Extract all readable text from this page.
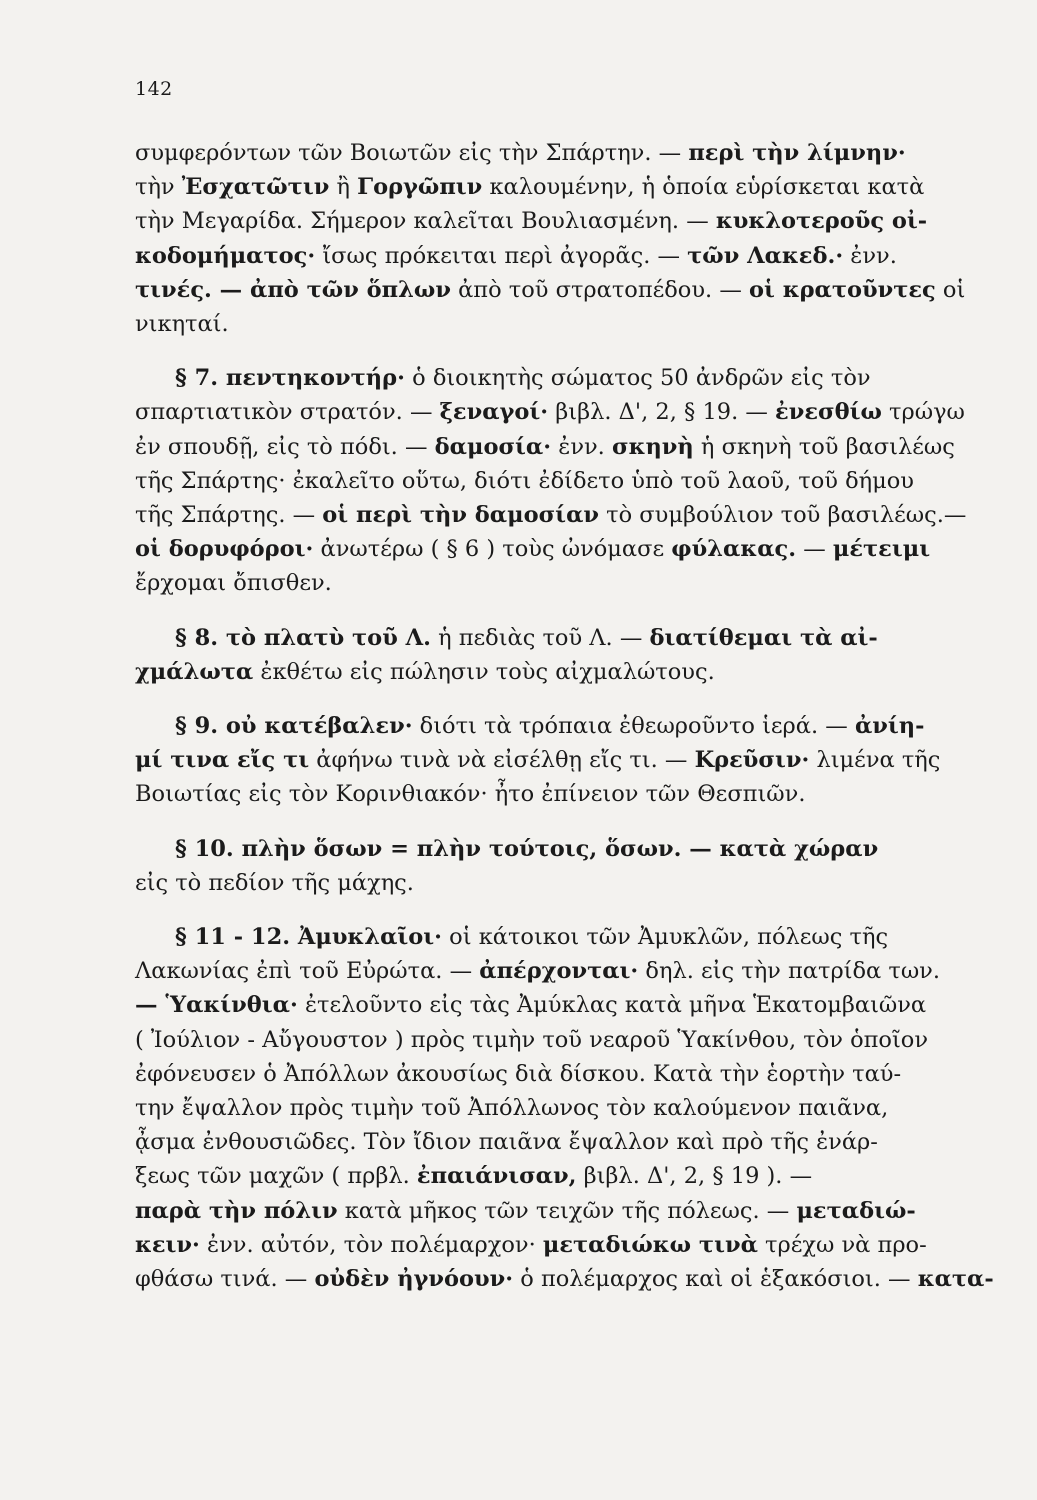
142
συμφερόντων τῶν Βοιωτῶν εἰς τὴν Σπάρτην. — περὶ τὴν λίμνην·
τὴν Ἐσχατῶτιν ἢ Γοργῶπιν καλουμένην, ἡ ὁποία εὑρίσκεται κατὰ
τὴν Μεγαρίδα. Σήμερον καλεῖται Βουλιασμένη. — κυκλοτεροῦς οἰ-
κοδομήματος· ἴσως πρόκειται περὶ ἀγορᾶς. — τῶν Λακεδ.· ἐνν.
τινές. — ἀπὸ τῶν ὅπλων ἀπὸ τοῦ στρατοπέδου. — οἱ κρατοῦντες οἱ
νικηταί.
§ 7. πεντηκοντήρ· ὁ διοικητὴς σώματος 50 ἀνδρῶν εἰς τὸν
σπαρτιατικὸν στρατόν. — ξεναγοί· βιβλ. Δ', 2, § 19. — ἐνεσθίω τρώγω
ἐν σπουδῇ, εἰς τὸ πόδι. — δαμοσία· ἐνν. σκηνὴ ἡ σκηνὴ τοῦ βασιλέως
τῆς Σπάρτης· ἐκαλεῖτο οὕτω, διότι ἐδίδετο ὑπὸ τοῦ λαοῦ, τοῦ δήμου
τῆς Σπάρτης. — οἱ περὶ τὴν δαμοσίαν τὸ συμβούλιον τοῦ βασιλέως.—
οἱ δορυφόροι· ἀνωτέρω ( § 6 ) τοὺς ὠνόμασε φύλακας. — μέτειμι
ἔρχομαι ὄπισθεν.
§ 8. τὸ πλατὺ τοῦ Λ. ἡ πεδιὰς τοῦ Λ. — διατίθεμαι τὰ αἰ-
χμάλωτα ἐκθέτω εἰς πώλησιν τοὺς αἰχμαλώτους.
§ 9. οὐ κατέβαλεν· διότι τὰ τρόπαια ἐθεωροῦντο ἱερά. — ἀνίη-
μί τινα εἴς τι ἀφήνω τινὰ νὰ εἰσέλθῃ εἴς τι. — Κρεῦσιν· λιμένα τῆς
Βοιωτίας εἰς τὸν Κορινθιακόν· ἦτο ἐπίνειον τῶν Θεσπιῶν.
§ 10. πλὴν ὅσων = πλὴν τούτοις, ὅσων. — κατὰ χώραν
εἰς τὸ πεδίον τῆς μάχης.
§ 11 - 12. Ἀμυκλαῖοι· οἱ κάτοικοι τῶν Ἀμυκλῶν, πόλεως τῆς
Λακωνίας ἐπὶ τοῦ Εὐρώτα. — ἀπέρχονται· δηλ. εἰς τὴν πατρίδα των.
— Ὑακίνθια· ἐτελοῦντο εἰς τὰς Ἀμύκλας κατὰ μῆνα Ἑκατομβαιῶνα
( Ἰούλιον - Αὔγουστον ) πρὸς τιμὴν τοῦ νεαροῦ Ὑακίνθου, τὸν ὁποῖον
ἐφόνευσεν ὁ Ἀπόλλων ἀκουσίως διὰ δίσκου. Κατὰ τὴν ἑορτὴν ταύ-
την ἔψαλλον πρὸς τιμὴν τοῦ Ἀπόλλωνος τὸν καλούμενον παιᾶνα,
ᾆσμα ἐνθουσιῶδες. Τὸν ἴδιον παιᾶνα ἔψαλλον καὶ πρὸ τῆς ἐνάρ-
ξεως τῶν μαχῶν ( πρβλ. ἐπαιάνισαν, βιβλ. Δ', 2, § 19 ). —
παρὰ τὴν πόλιν κατὰ μῆκος τῶν τειχῶν τῆς πόλεως. — μεταδιώ-
κειν· ἐνν. αὐτόν, τὸν πολέμαρχον· μεταδιώκω τινὰ τρέχω νὰ προ-
φθάσω τινά. — οὐδὲν ἠγνόουν· ὁ πολέμαρχος καὶ οἱ ἑξακόσιοι. — κατα-
